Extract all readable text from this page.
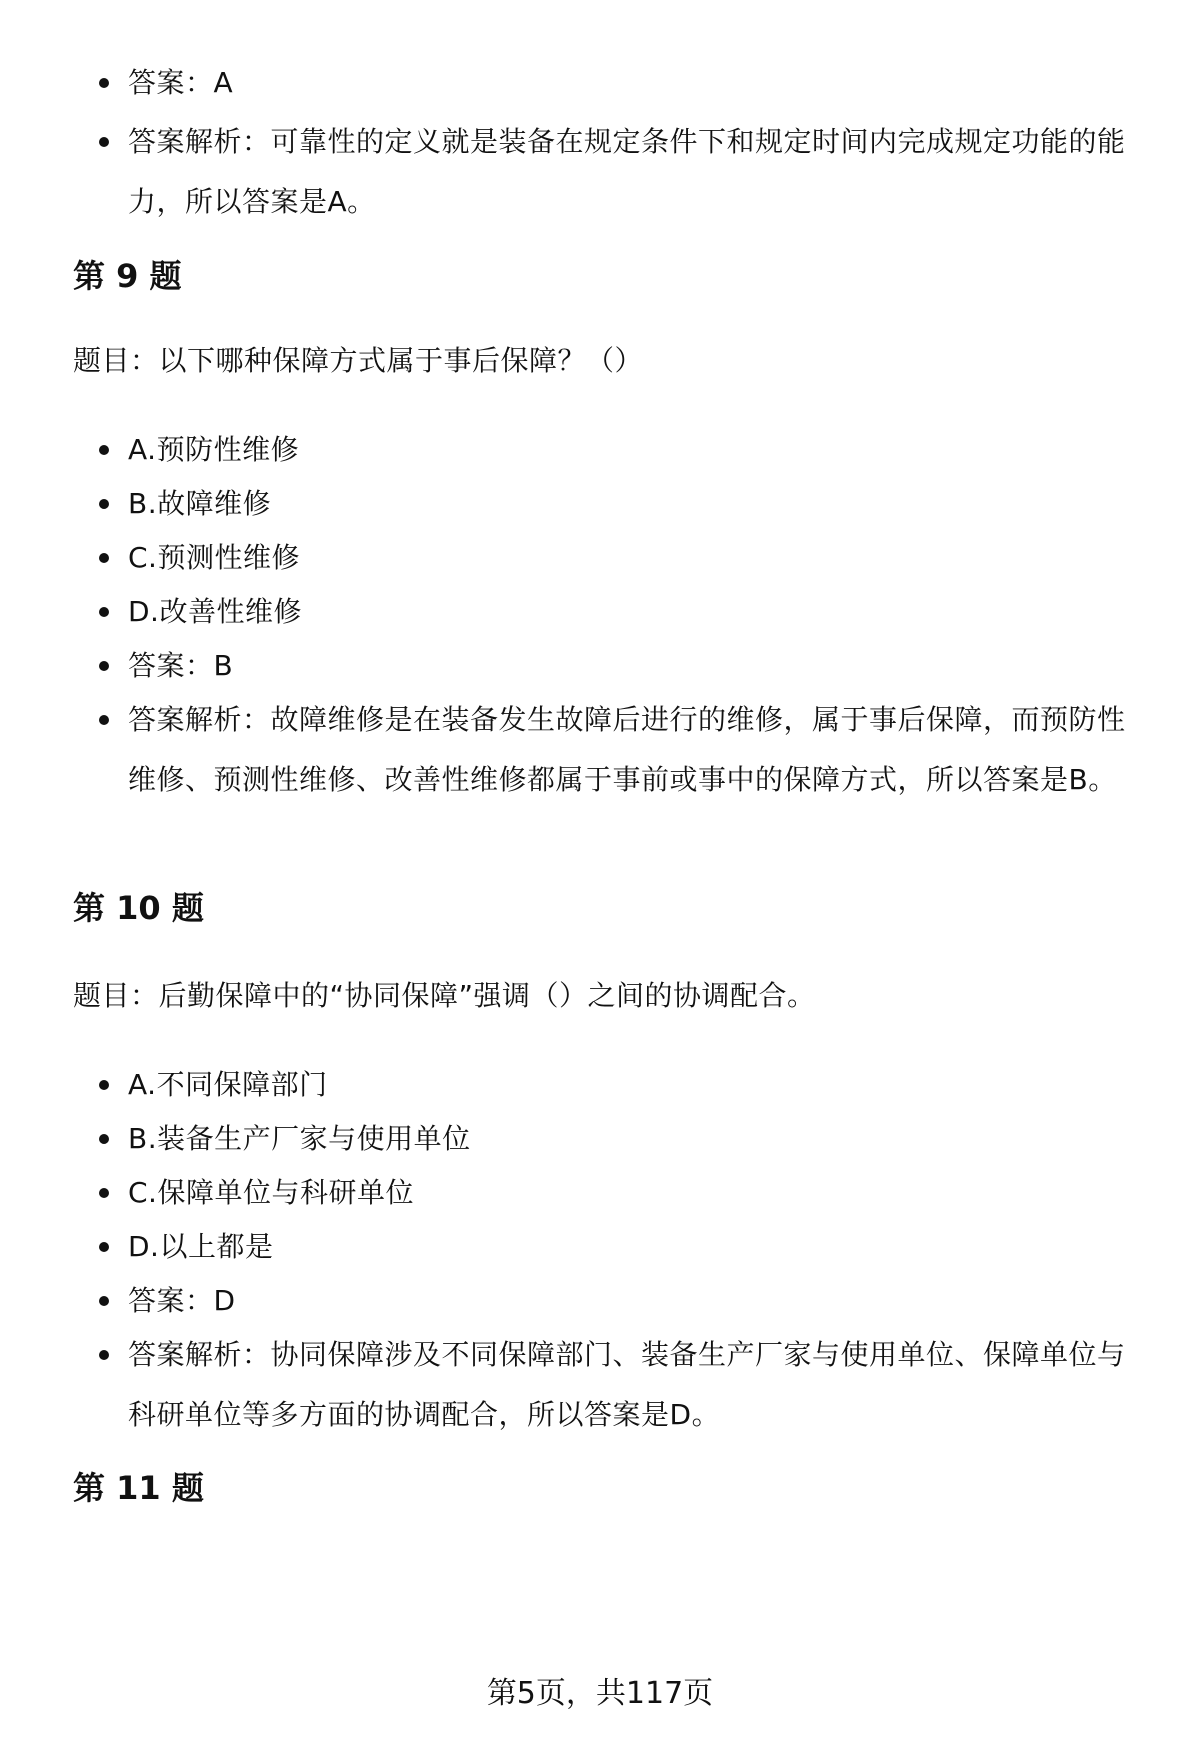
答案：A
答案解析：可靠性的定义就是装备在规定条件下和规定时间内完成规定功能的能力，所以答案是A。
第 9 题
题目：以下哪种保障方式属于事后保障？（）
A.预防性维修
B.故障维修
C.预测性维修
D.改善性维修
答案：B
答案解析：故障维修是在装备发生故障后进行的维修，属于事后保障，而预防性维修、预测性维修、改善性维修都属于事前或事中的保障方式，所以答案是B。
第 10 题
题目：后勤保障中的“协同保障”强调（）之间的协调配合。
A.不同保障部门
B.装备生产厂家与使用单位
C.保障单位与科研单位
D.以上都是
答案：D
答案解析：协同保障涉及不同保障部门、装备生产厂家与使用单位、保障单位与科研单位等多方面的协调配合，所以答案是D。
第 11 题
第5页，共117页
